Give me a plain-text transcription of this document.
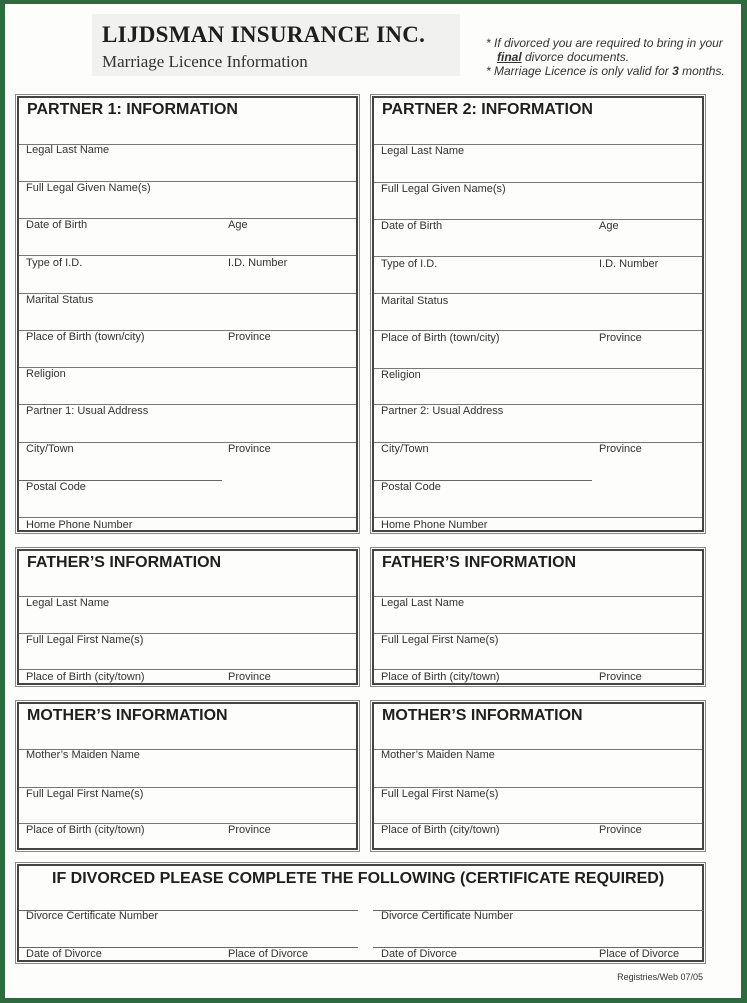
LIJDSMAN INSURANCE INC.
Marriage Licence Information
* If divorced you are required to bring in your
final divorce documents.
* Marriage Licence is only valid for 3 months.
PARTNER 1: INFORMATION
Legal Last Name
Full Legal Given Name(s)
Date of Birth	Age
Type of I.D.	I.D. Number
Marital Status
Place of Birth (town/city)	Province
Religion
Partner 1: Usual Address
City/Town	Province
Postal Code
Home Phone Number
PARTNER 2: INFORMATION
Legal Last Name
Full Legal Given Name(s)
Date of Birth	Age
Type of I.D.	I.D. Number
Marital Status
Place of Birth (town/city)	Province
Religion
Partner 2: Usual Address
City/Town	Province
Postal Code
Home Phone Number
FATHER’S INFORMATION
Legal Last Name
Full Legal First Name(s)
Place of Birth (city/town)	Province
FATHER’S INFORMATION
Legal Last Name
Full Legal First Name(s)
Place of Birth (city/town)	Province
MOTHER’S INFORMATION
Mother’s Maiden Name
Full Legal First Name(s)
Place of Birth (city/town)	Province
MOTHER’S INFORMATION
Mother’s Maiden Name
Full Legal First Name(s)
Place of Birth (city/town)	Province
IF DIVORCED PLEASE COMPLETE THE FOLLOWING (CERTIFICATE REQUIRED)
Divorce Certificate Number	Divorce Certificate Number
Date of Divorce	Place of Divorce	Date of Divorce	Place of Divorce
Registries/Web 07/05
